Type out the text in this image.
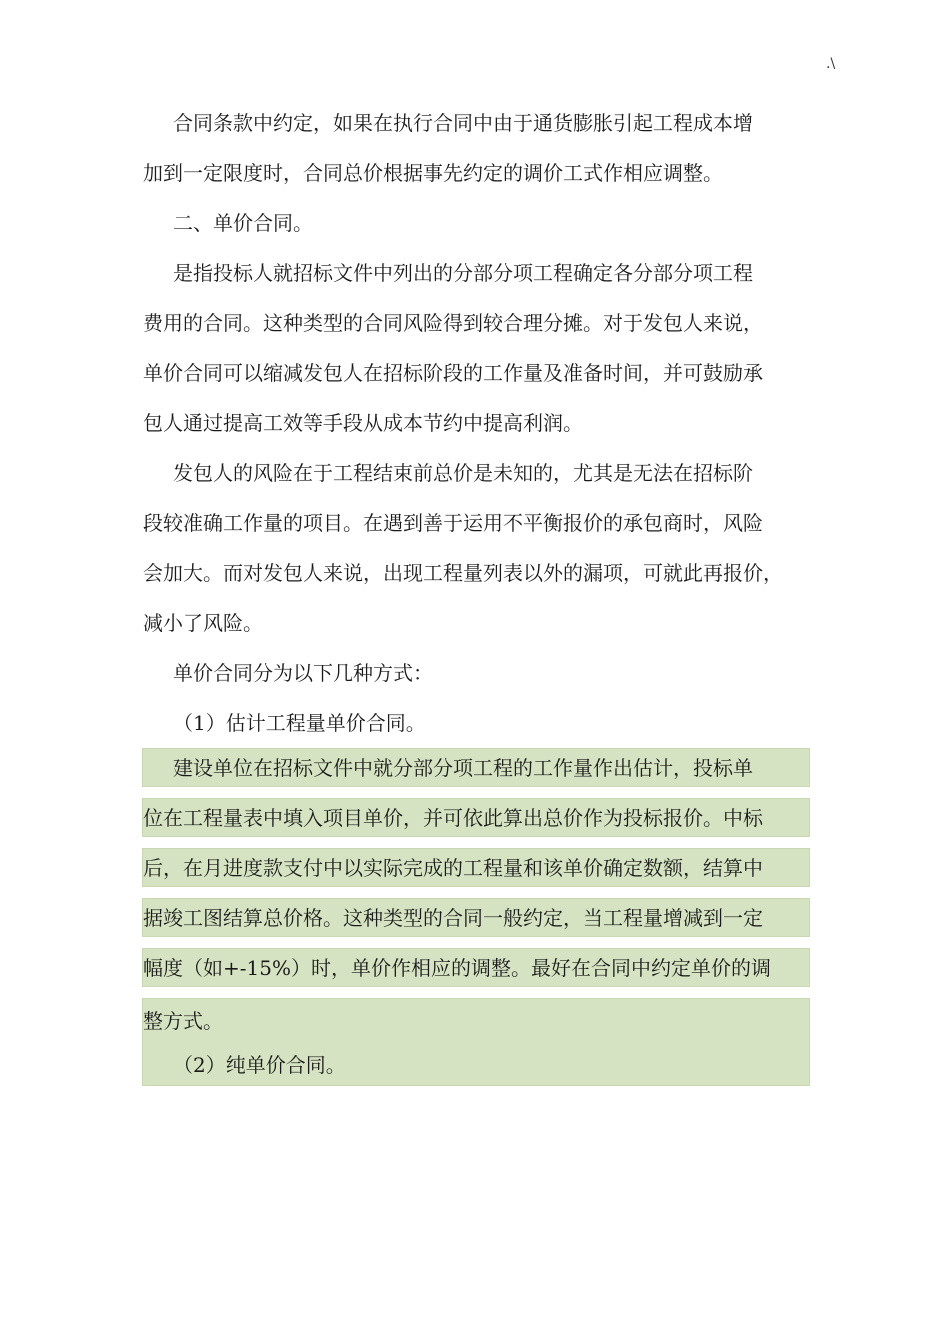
.\
合同条款中约定，如果在执行合同中由于通货膨胀引起工程成本增
加到一定限度时，合同总价根据事先约定的调价工式作相应调整。
二、单价合同。
是指投标人就招标文件中列出的分部分项工程确定各分部分项工程
费用的合同。这种类型的合同风险得到较合理分摊。对于发包人来说，
单价合同可以缩减发包人在招标阶段的工作量及准备时间，并可鼓励承
包人通过提高工效等手段从成本节约中提高利润。
发包人的风险在于工程结束前总价是未知的，尤其是无法在招标阶
段较准确工作量的项目。在遇到善于运用不平衡报价的承包商时，风险
会加大。而对发包人来说，出现工程量列表以外的漏项，可就此再报价，
减小了风险。
单价合同分为以下几种方式：
（1）估计工程量单价合同。
建设单位在招标文件中就分部分项工程的工作量作出估计，投标单
位在工程量表中填入项目单价，并可依此算出总价作为投标报价。中标
后，在月进度款支付中以实际完成的工程量和该单价确定数额，结算中
据竣工图结算总价格。这种类型的合同一般约定，当工程量增减到一定
幅度（如+-15%）时，单价作相应的调整。最好在合同中约定单价的调
整方式。
（2）纯单价合同。
